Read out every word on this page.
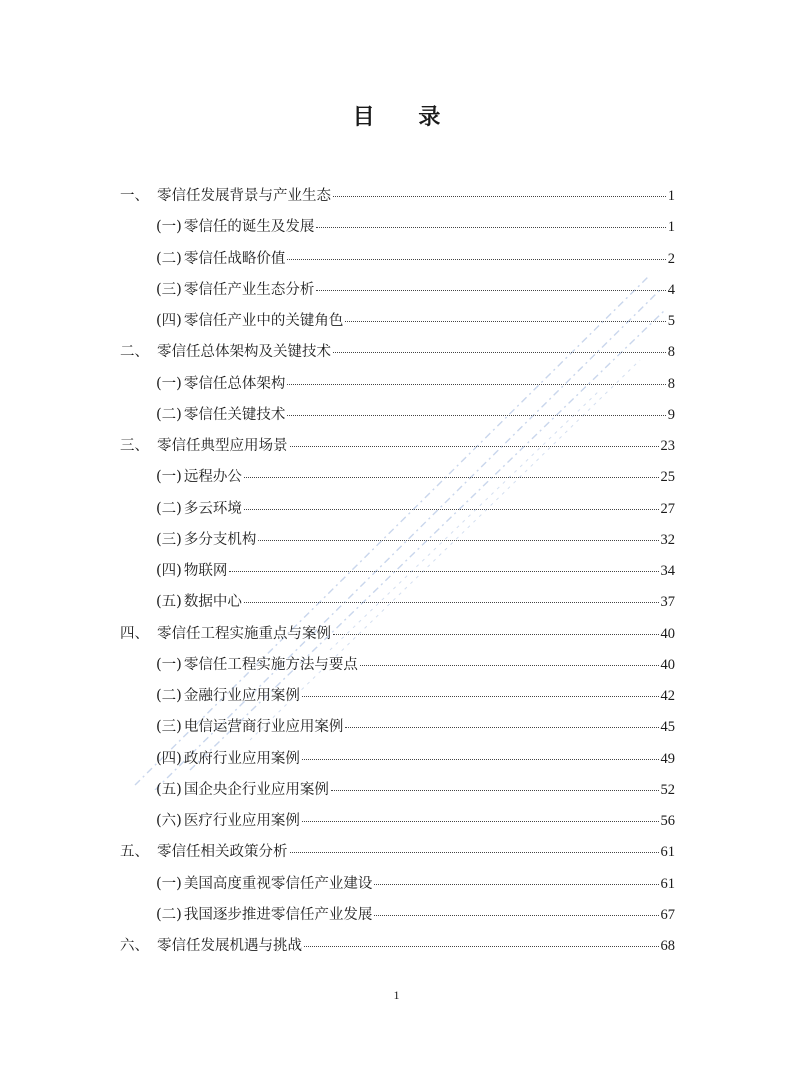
目 录
一、 零信任发展背景与产业生态	1
(一) 零信任的诞生及发展	1
(二) 零信任战略价值	2
(三) 零信任产业生态分析	4
(四) 零信任产业中的关键角色	5
二、 零信任总体架构及关键技术	8
(一) 零信任总体架构	8
(二) 零信任关键技术	9
三、 零信任典型应用场景	23
(一) 远程办公	25
(二) 多云环境	27
(三) 多分支机构	32
(四) 物联网	34
(五) 数据中心	37
四、 零信任工程实施重点与案例	40
(一) 零信任工程实施方法与要点	40
(二) 金融行业应用案例	42
(三) 电信运营商行业应用案例	45
(四) 政府行业应用案例	49
(五) 国企央企行业应用案例	52
(六) 医疗行业应用案例	56
五、 零信任相关政策分析	61
(一) 美国高度重视零信任产业建设	61
(二) 我国逐步推进零信任产业发展	67
六、 零信任发展机遇与挑战	68
1
